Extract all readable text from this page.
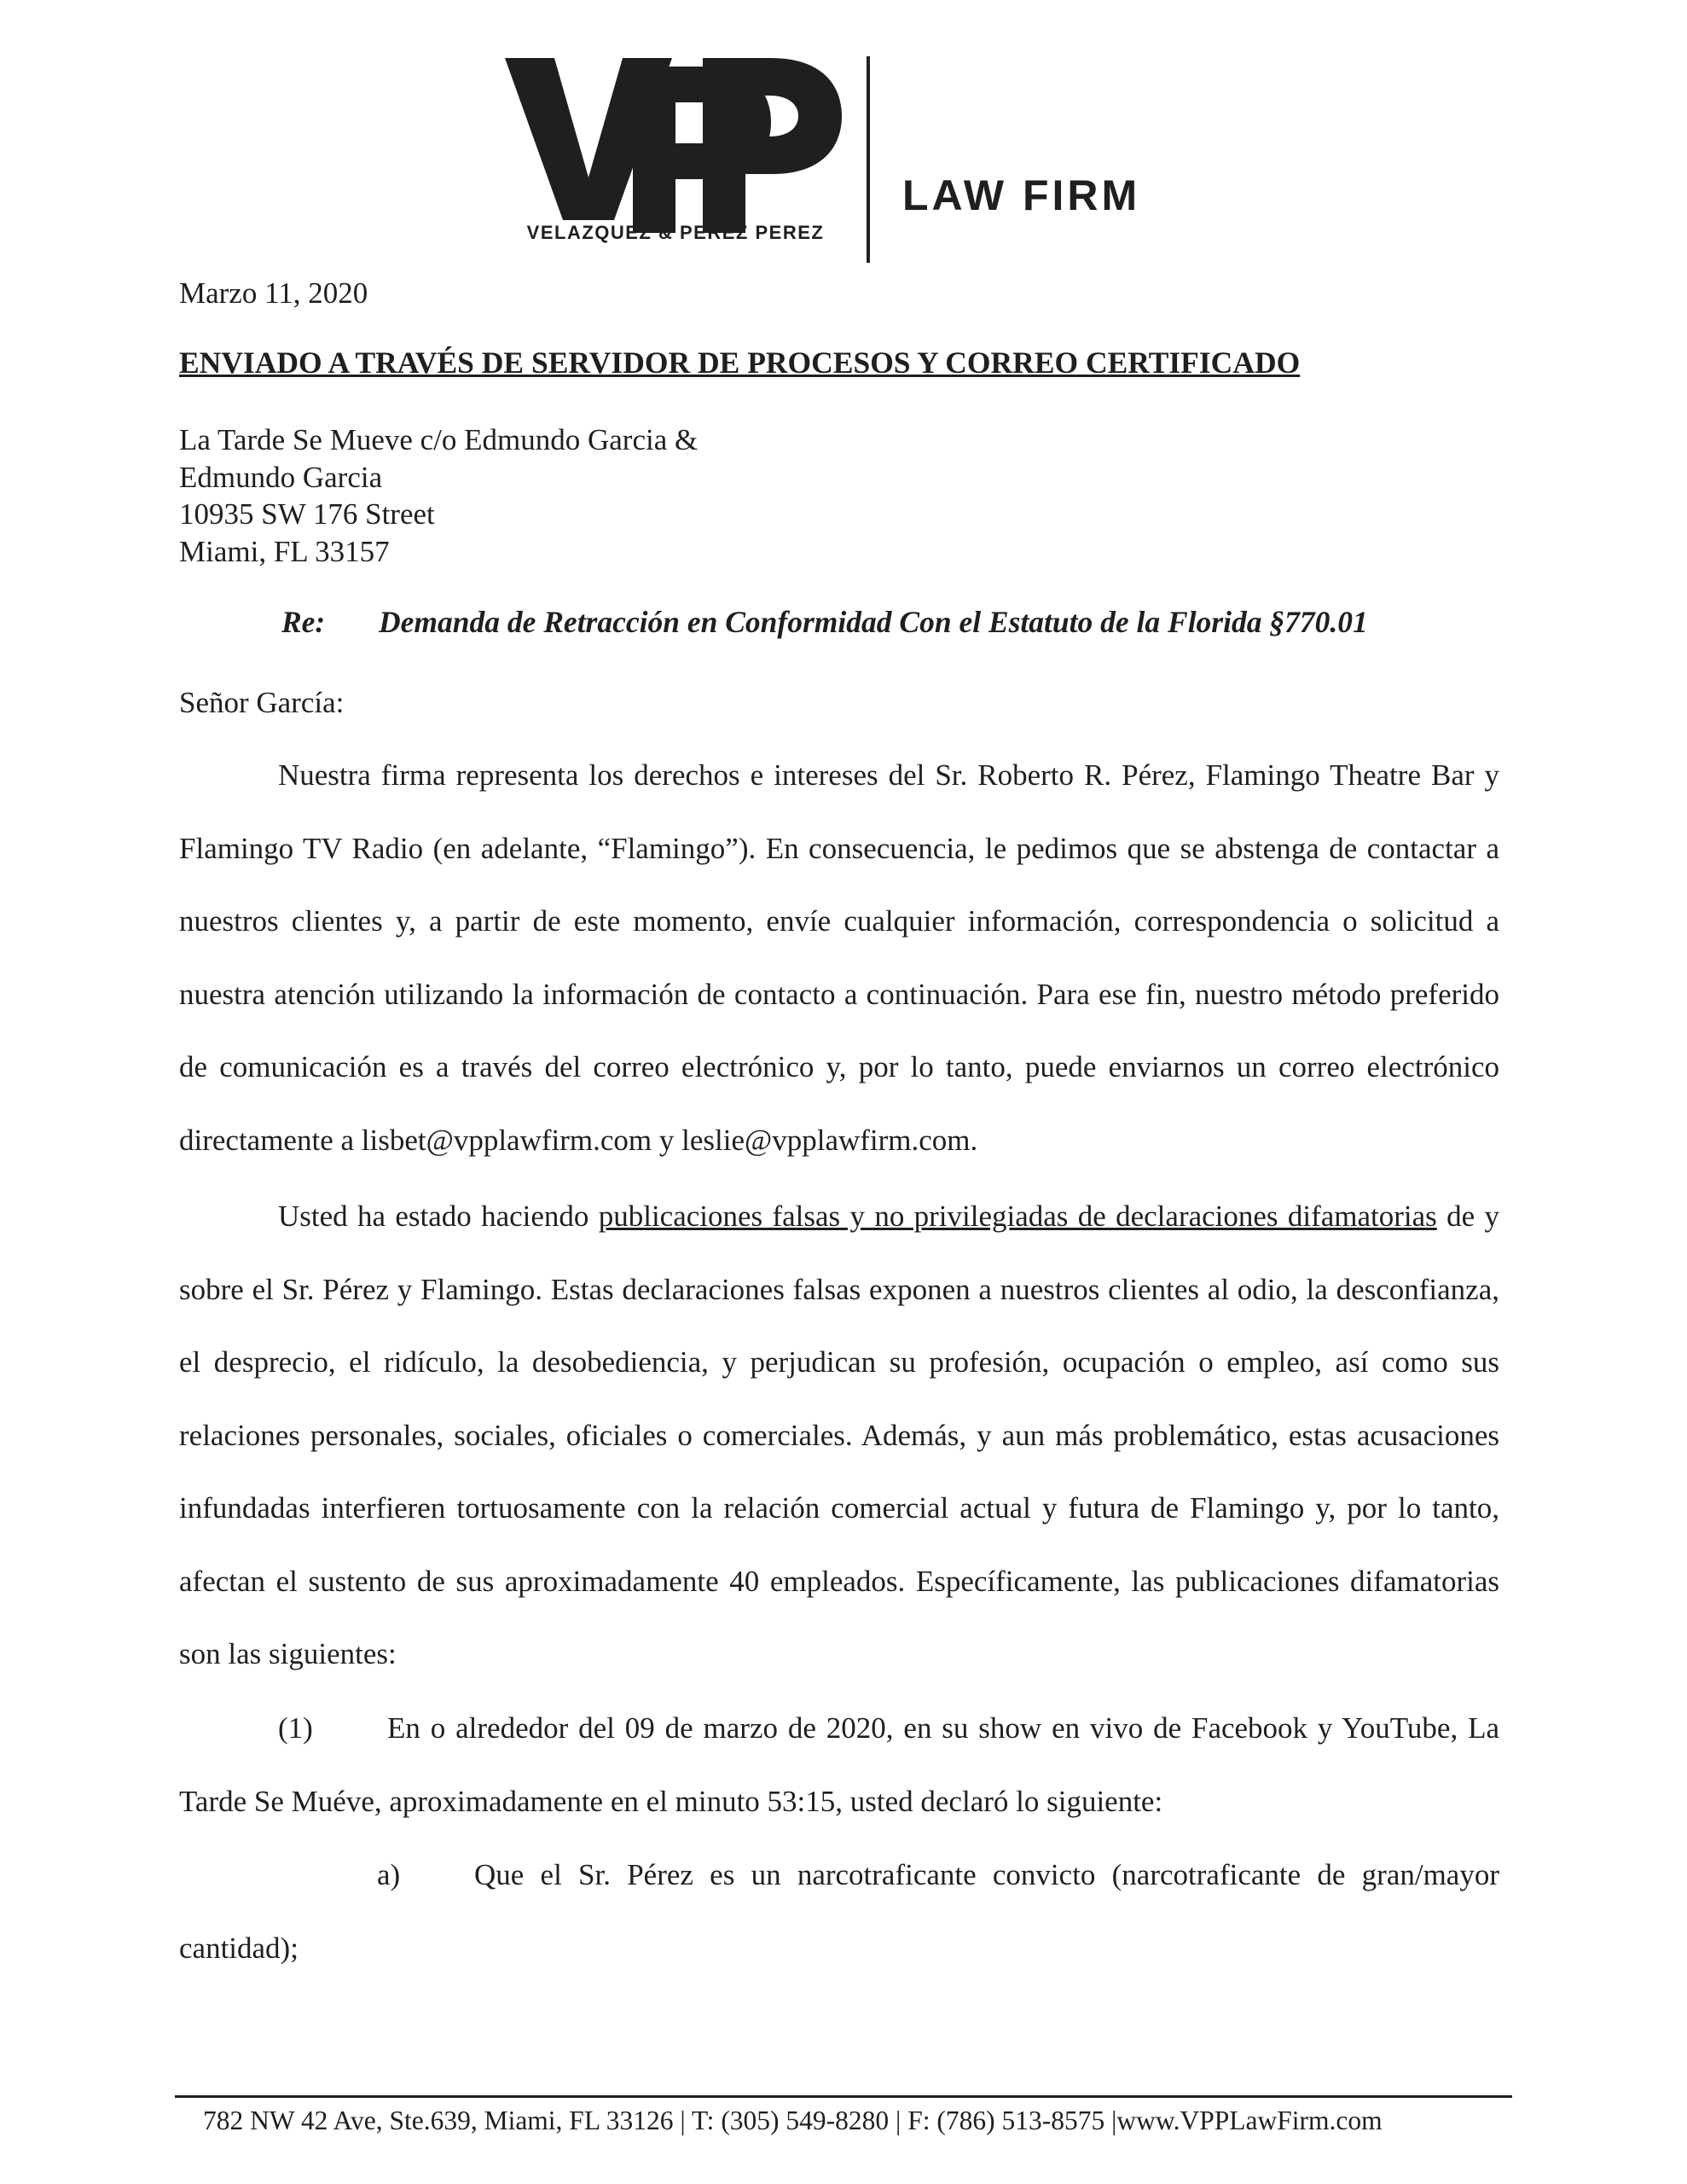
VELAZQUEZ & PEREZ PEREZ
LAW FIRM
Marzo 11, 2020
ENVIADO A TRAVÉS DE SERVIDOR DE PROCESOS Y CORREO CERTIFICADO
La Tarde Se Mueve c/o Edmundo Garcia &
Edmundo Garcia
10935 SW 176 Street
Miami, FL 33157
Re: Demanda de Retracción en Conformidad Con el Estatuto de la Florida §770.01
Señor García:
Nuestra firma representa los derechos e intereses del Sr. Roberto R. Pérez, Flamingo Theatre Bar y Flamingo TV Radio (en adelante, “Flamingo”). En consecuencia, le pedimos que se abstenga de contactar a nuestros clientes y, a partir de este momento, envíe cualquier información, correspondencia o solicitud a nuestra atención utilizando la información de contacto a continuación. Para ese fin, nuestro método preferido de comunicación es a través del correo electrónico y, por lo tanto, puede enviarnos un correo electrónico directamente a lisbet@vpplawfirm.com y leslie@vpplawfirm.com.
Usted ha estado haciendo publicaciones falsas y no privilegiadas de declaraciones difamatorias de y sobre el Sr. Pérez y Flamingo. Estas declaraciones falsas exponen a nuestros clientes al odio, la desconfianza, el desprecio, el ridículo, la desobediencia, y perjudican su profesión, ocupación o empleo, así como sus relaciones personales, sociales, oficiales o comerciales. Además, y aun más problemático, estas acusaciones infundadas interfieren tortuosamente con la relación comercial actual y futura de Flamingo y, por lo tanto, afectan el sustento de sus aproximadamente 40 empleados. Específicamente, las publicaciones difamatorias son las siguientes:
(1) En o alrededor del 09 de marzo de 2020, en su show en vivo de Facebook y YouTube, La Tarde Se Muéve, aproximadamente en el minuto 53:15, usted declaró lo siguiente:
a) Que el Sr. Pérez es un narcotraficante convicto (narcotraficante de gran/mayor cantidad);
782 NW 42 Ave, Ste.639, Miami, FL 33126 | T: (305) 549-8280 | F: (786) 513-8575 |www.VPPLawFirm.com
